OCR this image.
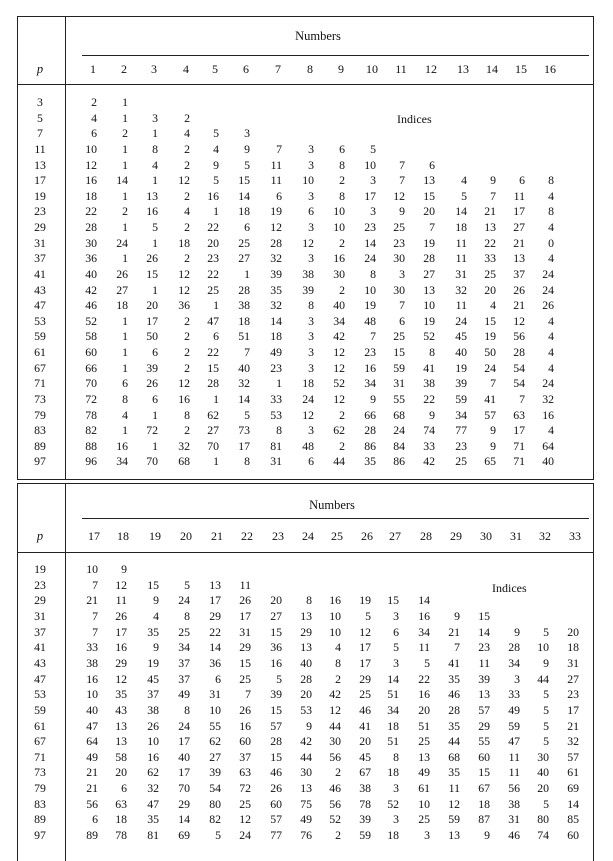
Numbers
p	1 2 3 4 5 6 7 8 9 10 11 12 13 14 15 16
Indices
3	2 1
5	4 1 3 2
7	6 2 1 4 5 3
11	10 1 8 2 4 9 7 3 6 5
13	12 1 4 2 9 5 11 3 8 10 7 6
17	16 14 1 12 5 15 11 10 2 3 7 13 4 9 6 8
19	18 1 13 2 16 14 6 3 8 17 12 15 5 7 11 4
23	22 2 16 4 1 18 19 6 10 3 9 20 14 21 17 8
29	28 1 5 2 22 6 12 3 10 23 25 7 18 13 27 4
31	30 24 1 18 20 25 28 12 2 14 23 19 11 22 21 0
37	36 1 26 2 23 27 32 3 16 24 30 28 11 33 13 4
41	40 26 15 12 22 1 39 38 30 8 3 27 31 25 37 24
43	42 27 1 12 25 28 35 39 2 10 30 13 32 20 26 24
47	46 18 20 36 1 38 32 8 40 19 7 10 11 4 21 26
53	52 1 17 2 47 18 14 3 34 48 6 19 24 15 12 4
59	58 1 50 2 6 51 18 3 42 7 25 52 45 19 56 4
61	60 1 6 2 22 7 49 3 12 23 15 8 40 50 28 4
67	66 1 39 2 15 40 23 3 12 16 59 41 19 24 54 4
71	70 6 26 12 28 32 1 18 52 34 31 38 39 7 54 24
73	72 8 6 16 1 14 33 24 12 9 55 22 59 41 7 32
79	78 4 1 8 62 5 53 12 2 66 68 9 34 57 63 16
83	82 1 72 2 27 73 8 3 62 28 24 74 77 9 17 4
89	88 16 1 32 70 17 81 48 2 86 84 33 23 9 71 64
97	96 34 70 68 1 8 31 6 44 35 86 42 25 65 71 40
Numbers
p	17 18 19 20 21 22 23 24 25 26 27 28 29 30 31 32 33
Indices
19	10 9
23	7 12 15 5 13 11
29	21 11 9 24 17 26 20 8 16 19 15 14
31	7 26 4 8 29 17 27 13 10 5 3 16 9 15
37	7 17 35 25 22 31 15 29 10 12 6 34 21 14 9 5 20
41	33 16 9 34 14 29 36 13 4 17 5 11 7 23 28 10 18
43	38 29 19 37 36 15 16 40 8 17 3 5 41 11 34 9 31
47	16 12 45 37 6 25 5 28 2 29 14 22 35 39 3 44 27
53	10 35 37 49 31 7 39 20 42 25 51 16 46 13 33 5 23
59	40 43 38 8 10 26 15 53 12 46 34 20 28 57 49 5 17
61	47 13 26 24 55 16 57 9 44 41 18 51 35 29 59 5 21
67	64 13 10 17 62 60 28 42 30 20 51 25 44 55 47 5 32
71	49 58 16 40 27 37 15 44 56 45 8 13 68 60 11 30 57
73	21 20 62 17 39 63 46 30 2 67 18 49 35 15 11 40 61
79	21 6 32 70 54 72 26 13 46 38 3 61 11 67 56 20 69
83	56 63 47 29 80 25 60 75 56 78 52 10 12 18 38 5 14
89	6 18 35 14 82 12 57 49 52 39 3 25 59 87 31 80 85
97	89 78 81 69 5 24 77 76 2 59 18 3 13 9 46 74 60
